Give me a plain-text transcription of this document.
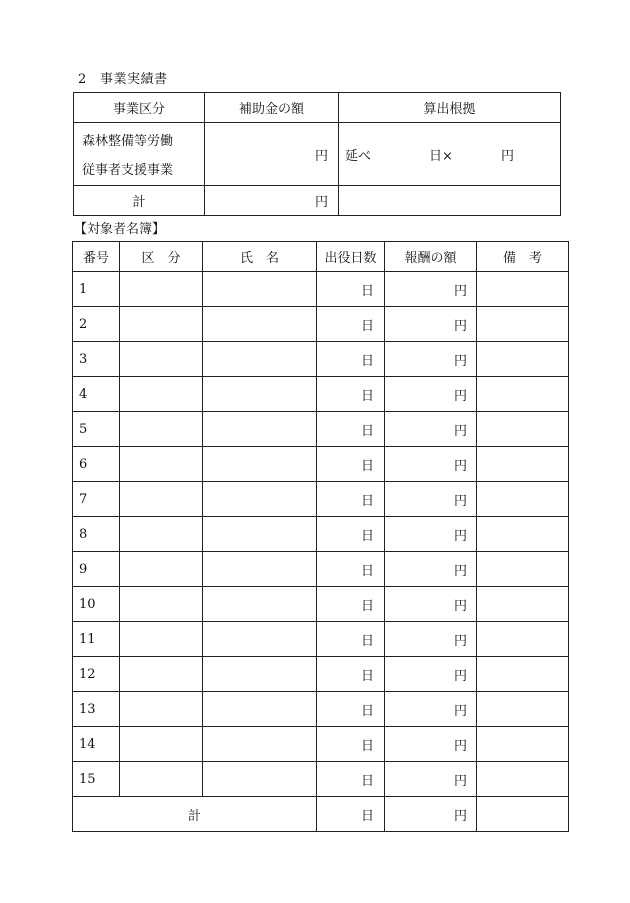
2 事業実績書
事業区分	補助金の額	算出根拠

森林整備等労働
従事者支援事業	円	延べ 日× 円
計	円	
【対象者名簿】
番号	区　分	氏　名	出役日数	報酬の額	備　考
1			日	円	
2			日	円	
3			日	円	
4			日	円	
5			日	円	
6			日	円	
7			日	円	
8			日	円	
9			日	円	
10			日	円	
11			日	円	
12			日	円	
13			日	円	
14			日	円	
15			日	円	
計			日	円	
